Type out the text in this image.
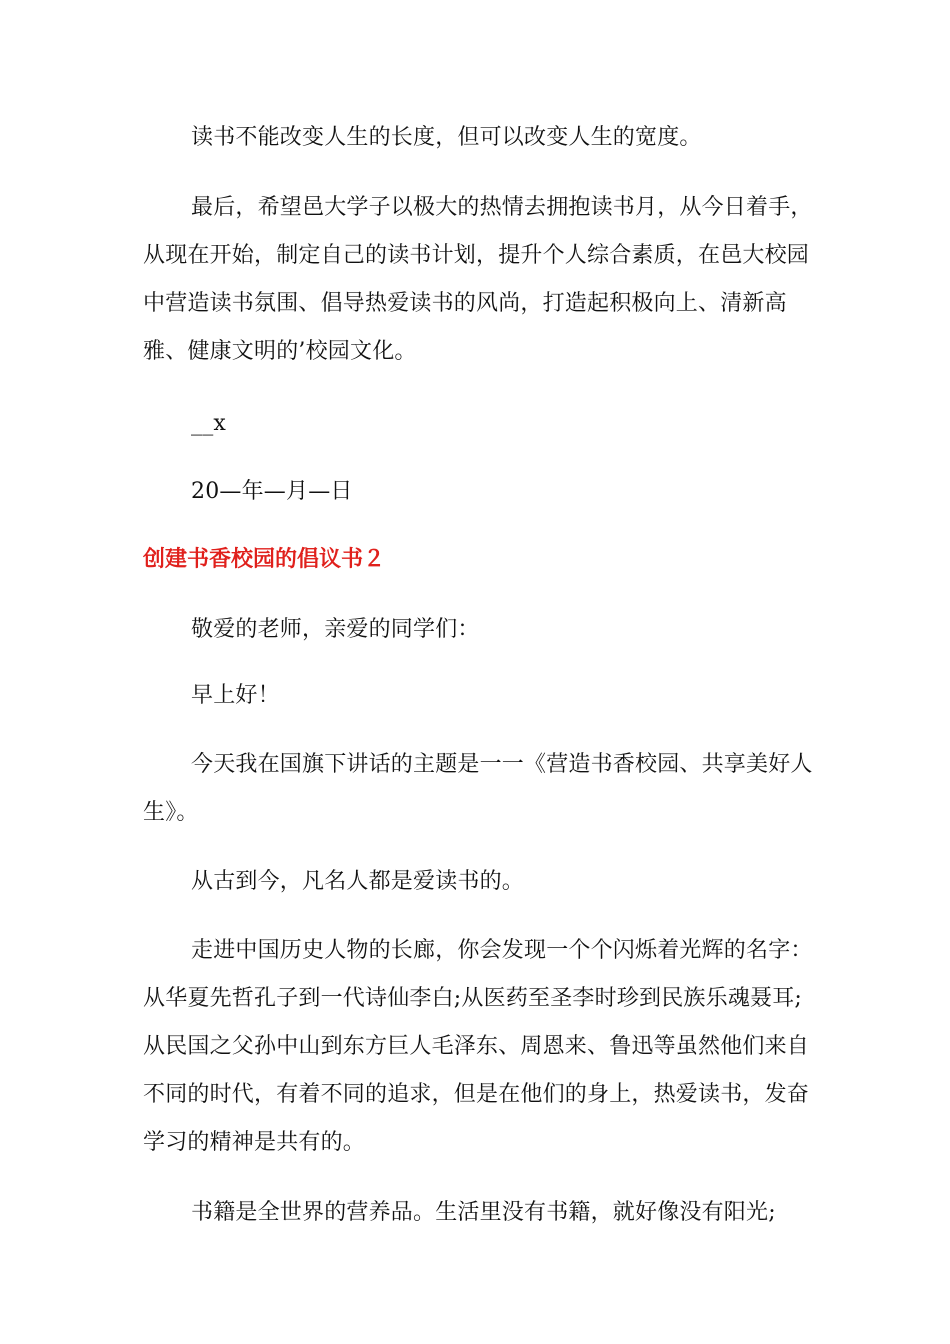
读书不能改变人生的长度，但可以改变人生的宽度。

最后，希望邑大学子以极大的热情去拥抱读书月，从今日着手，从现在开始，制定自己的读书计划，提升个人综合素质，在邑大校园中营造读书氛围、倡导热爱读书的风尚，打造起积极向上、清新高雅、健康文明的’校园文化。

__x

20—年—月—日

创建书香校园的倡议书２

敬爱的老师，亲爱的同学们：

早上好！

今天我在国旗下讲话的主题是一一《营造书香校园、共享美好人生》。

从古到今，凡名人都是爱读书的。

走进中国历史人物的长廊，你会发现一个个闪烁着光辉的名字：从华夏先哲孔子到一代诗仙李白;从医药至圣李时珍到民族乐魂聂耳;从民国之父孙中山到东方巨人毛泽东、周恩来、鲁迅等虽然他们来自不同的时代，有着不同的追求，但是在他们的身上，热爱读书，发奋学习的精神是共有的。

书籍是全世界的营养品。生活里没有书籍，就好像没有阳光;
